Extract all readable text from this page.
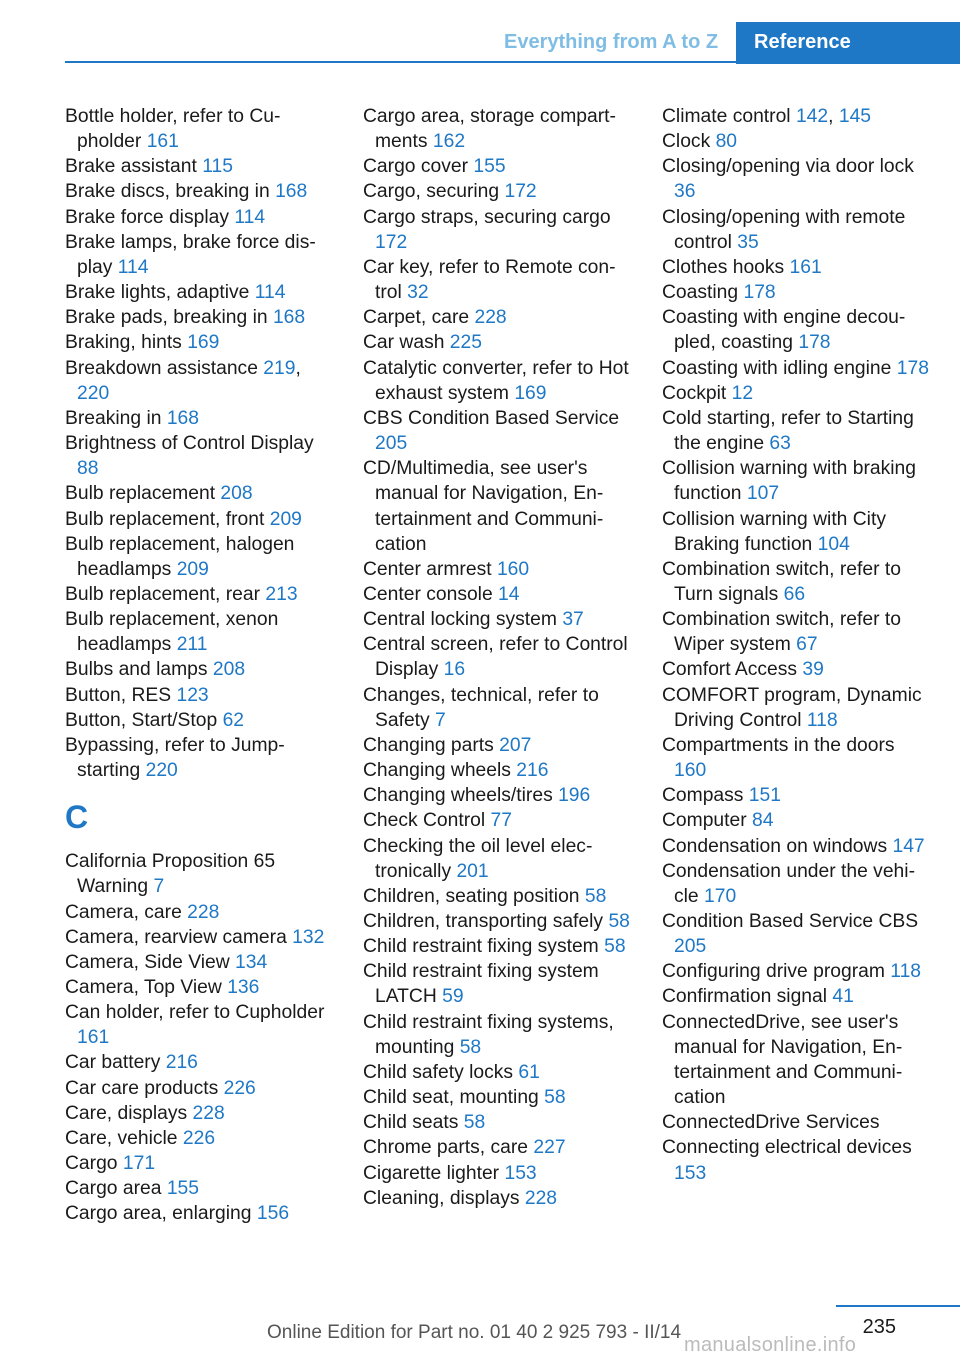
Everything from A to Z Reference
Bottle holder, refer to Cupholder 161
Brake assistant 115
Brake discs, breaking in 168
Brake force display 114
Brake lamps, brake force display 114
Brake lights, adaptive 114
Brake pads, breaking in 168
Braking, hints 169
Breakdown assistance 219, 220
Breaking in 168
Brightness of Control Display 88
Bulb replacement 208
Bulb replacement, front 209
Bulb replacement, halogen headlamps 209
Bulb replacement, rear 213
Bulb replacement, xenon headlamps 211
Bulbs and lamps 208
Button, RES 123
Button, Start/Stop 62
Bypassing, refer to Jumpstarting 220
C
California Proposition 65 Warning 7
Camera, care 228
Camera, rearview camera 132
Camera, Side View 134
Camera, Top View 136
Can holder, refer to Cupholder 161
Car battery 216
Car care products 226
Care, displays 228
Care, vehicle 226
Cargo 171
Cargo area 155
Cargo area, enlarging 156
Cargo area, storage compartments 162
Cargo cover 155
Cargo, securing 172
Cargo straps, securing cargo 172
Car key, refer to Remote control 32
Carpet, care 228
Car wash 225
Catalytic converter, refer to Hot exhaust system 169
CBS Condition Based Service 205
CD/Multimedia, see user's manual for Navigation, Entertainment and Communication
Center armrest 160
Center console 14
Central locking system 37
Central screen, refer to Control Display 16
Changes, technical, refer to Safety 7
Changing parts 207
Changing wheels 216
Changing wheels/tires 196
Check Control 77
Checking the oil level electronically 201
Children, seating position 58
Children, transporting safely 58
Child restraint fixing system 58
Child restraint fixing system LATCH 59
Child restraint fixing systems, mounting 58
Child safety locks 61
Child seat, mounting 58
Child seats 58
Chrome parts, care 227
Cigarette lighter 153
Cleaning, displays 228
Climate control 142, 145
Clock 80
Closing/opening via door lock 36
Closing/opening with remote control 35
Clothes hooks 161
Coasting 178
Coasting with engine decoupled, coasting 178
Coasting with idling engine 178
Cockpit 12
Cold starting, refer to Starting the engine 63
Collision warning with braking function 107
Collision warning with City Braking function 104
Combination switch, refer to Turn signals 66
Combination switch, refer to Wiper system 67
Comfort Access 39
COMFORT program, Dynamic Driving Control 118
Compartments in the doors 160
Compass 151
Computer 84
Condensation on windows 147
Condensation under the vehicle 170
Condition Based Service CBS 205
Configuring drive program 118
Confirmation signal 41
ConnectedDrive, see user's manual for Navigation, Entertainment and Communication
ConnectedDrive Services
Connecting electrical devices 153
235
Online Edition for Part no. 01 40 2 925 793 - II/14
manualsonline.info
